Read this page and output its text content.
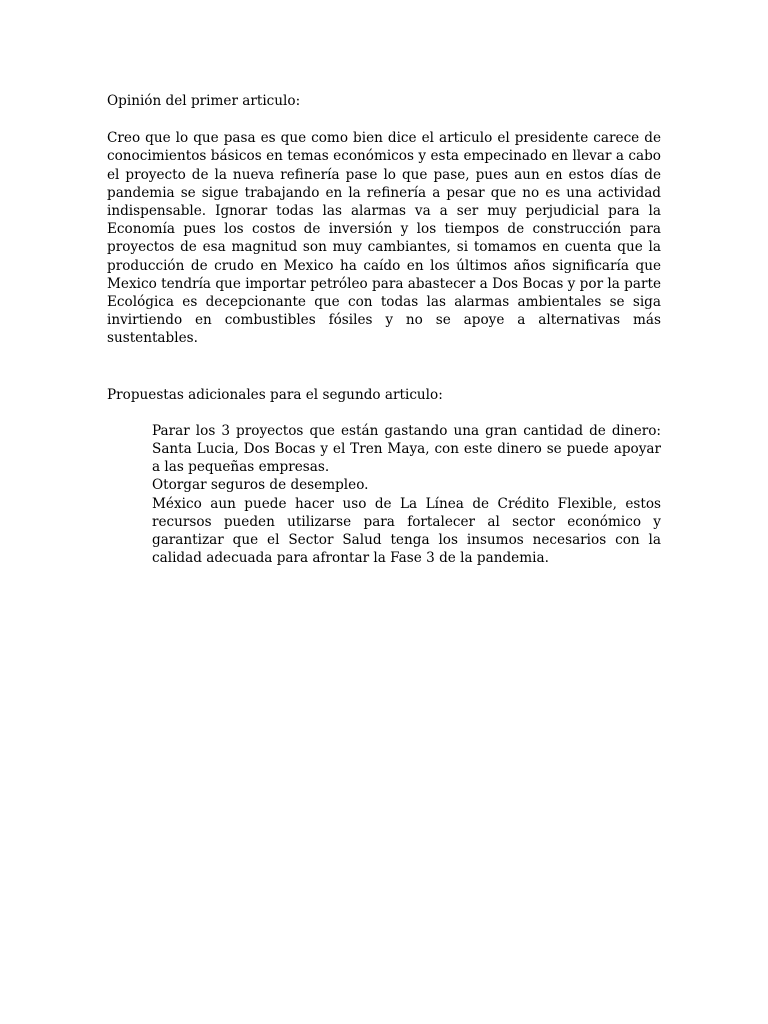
Opinión del primer articulo:

Creo que lo que pasa es que como bien dice el articulo el presidente carece de conocimientos básicos en temas económicos y esta empecinado en llevar a cabo el proyecto de la nueva refinería pase lo que pase, pues aun en estos días de pandemia se sigue trabajando en la refinería a pesar que no es una actividad indispensable. Ignorar todas las alarmas va a ser muy perjudicial para la Economía pues los costos de inversión y los tiempos de construcción para proyectos de esa magnitud son muy cambiantes, si tomamos en cuenta que la producción de crudo en Mexico ha caído en los últimos años significaría que Mexico tendría que importar petróleo para abastecer a Dos Bocas y por la parte Ecológica es decepcionante que con todas las alarmas ambientales se siga invirtiendo en combustibles fósiles y no se apoye a alternativas más sustentables.

Propuestas adicionales para el segundo articulo:

Parar los 3 proyectos que están gastando una gran cantidad de dinero: Santa Lucia, Dos Bocas y el Tren Maya, con este dinero se puede apoyar a las pequeñas empresas.
Otorgar seguros de desempleo.
México aun puede hacer uso de La Línea de Crédito Flexible, estos recursos pueden utilizarse para fortalecer al sector económico y garantizar que el Sector Salud tenga los insumos necesarios con la calidad adecuada para afrontar la Fase 3 de la pandemia.
